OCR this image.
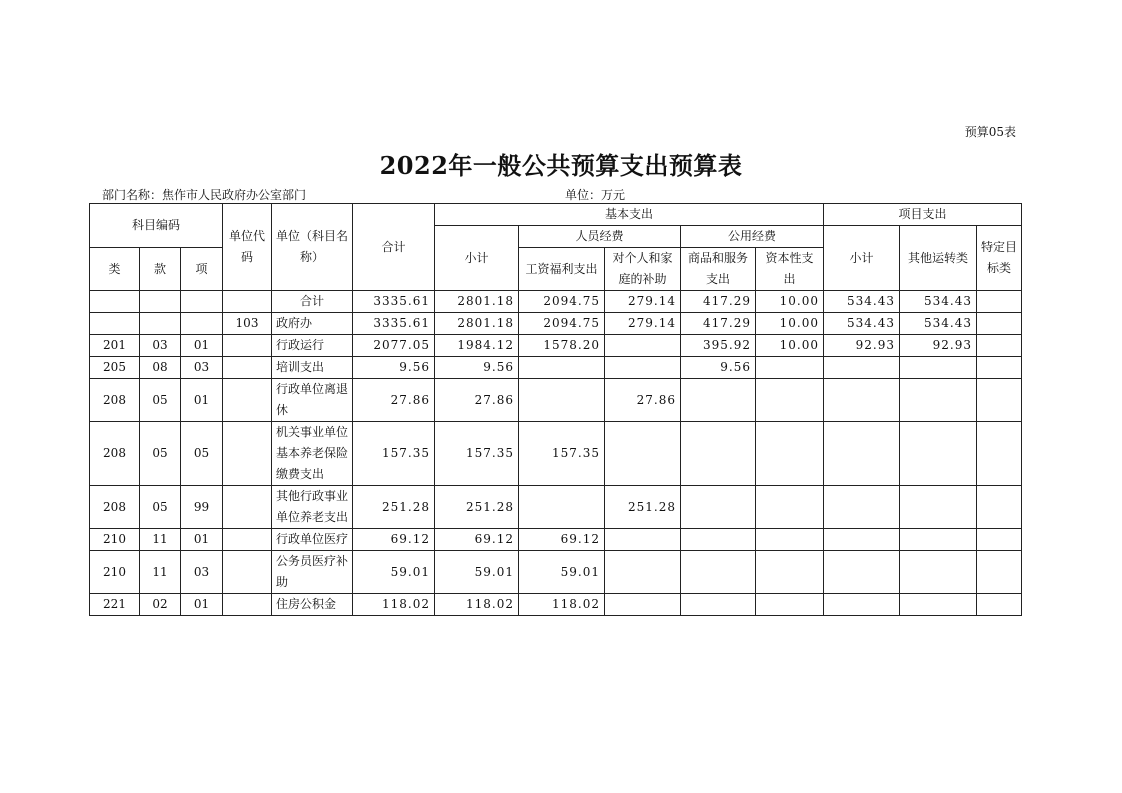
预算05表
2022年一般公共预算支出预算表
部门名称：焦作市人民政府办公室部门	单位：万元
科目编码			单位代码	单位（科目名称）	合计	基本支出					项目支出		
						小计	人员经费		公用经费		小计	其他运转类	特定目标类
类	款	项					工资福利支出	对个人和家庭的补助	商品和服务支出	资本性支出			

				合计	3335.61	2801.18	2094.75	279.14	417.29	10.00	534.43	534.43	
			103	政府办	3335.61	2801.18	2094.75	279.14	417.29	10.00	534.43	534.43	
201	03	01		行政运行	2077.05	1984.12	1578.20		395.92	10.00	92.93	92.93	
205	08	03		培训支出	9.56	9.56			9.56				
208	05	01		行政单位离退休	27.86	27.86		27.86					
208	05	05		机关事业单位基本养老保险缴费支出	157.35	157.35	157.35						
208	05	99		其他行政事业单位养老支出	251.28	251.28		251.28					
210	11	01		行政单位医疗	69.12	69.12	69.12						
210	11	03		公务员医疗补助	59.01	59.01	59.01						
221	02	01		住房公积金	118.02	118.02	118.02						
